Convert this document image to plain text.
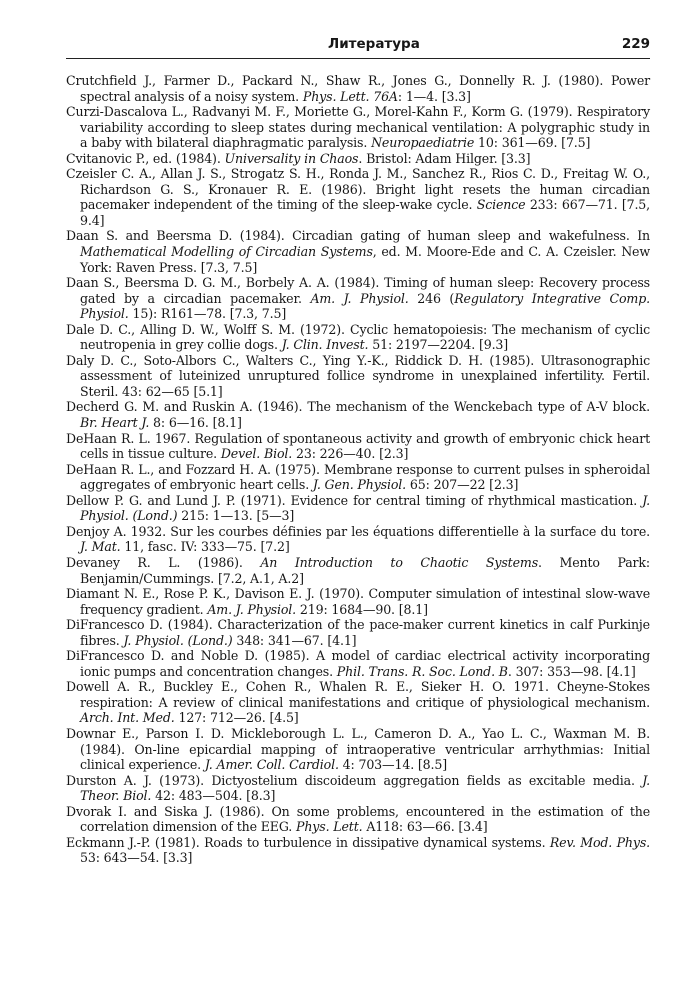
Литература	229

Crutchfield J., Farmer D., Packard N., Shaw R., Jones G., Donnelly R. J. (1980). Power spectral analysis of a noisy system. Phys. Lett. 76A: 1—4. [3.3]

Curzi-Dascalova L., Radvanyi M. F., Moriette G., Morel-Kahn F., Korm G. (1979). Respiratory variability according to sleep states during mechanical ventilation: A polygraphic study in a baby with bilateral diaphragmatic paralysis. Neuropaediatrie 10: 361—69. [7.5]

Cvitanovic P., ed. (1984). Universality in Chaos. Bristol: Adam Hilger. [3.3]

Czeisler C. A., Allan J. S., Strogatz S. H., Ronda J. M., Sanchez R., Rios C. D., Freitag W. O., Richardson G. S., Kronauer R. E. (1986). Bright light resets the human circadian pacemaker independent of the timing of the sleep-wake cycle. Science 233: 667—71. [7.5, 9.4]

Daan S. and Beersma D. (1984). Circadian gating of human sleep and wakefulness. In Mathematical Modelling of Circadian Systems, ed. M. Moore-Ede and C. A. Czeisler. New York: Raven Press. [7.3, 7.5]

Daan S., Beersma D. G. M., Borbely A. A. (1984). Timing of human sleep: Recovery process gated by a circadian pacemaker. Am. J. Physiol. 246 (Regulatory Integrative Comp. Physiol. 15): R161—78. [7.3, 7.5]

Dale D. C., Alling D. W., Wolff S. M. (1972). Cyclic hematopoiesis: The mechanism of cyclic neutropenia in grey collie dogs. J. Clin. Invest. 51: 2197—2204. [9.3]

Daly D. C., Soto-Albors C., Walters C., Ying Y.-K., Riddick D. H. (1985). Ultrasonographic assessment of luteinized unruptured follice syndrome in unexplained infertility. Fertil. Steril. 43: 62—65 [5.1]

Decherd G. M. and Ruskin A. (1946). The mechanism of the Wenckebach type of A-V block. Br. Heart J. 8: 6—16. [8.1]

DeHaan R. L. 1967. Regulation of spontaneous activity and growth of embryonic chick heart cells in tissue culture. Devel. Biol. 23: 226—40. [2.3]

DeHaan R. L., and Fozzard H. A. (1975). Membrane response to current pulses in spheroidal aggregates of embryonic heart cells. J. Gen. Physiol. 65: 207—22 [2.3]

Dellow P. G. and Lund J. P. (1971). Evidence for central timing of rhythmical mastication. J. Physiol. (Lond.) 215: 1—13. [5—3]

Denjoy A. 1932. Sur les courbes définies par les équations differentielle à la surface du tore. J. Mat. 11, fasc. IV: 333—75. [7.2]

Devaney R. L. (1986). An Introduction to Chaotic Systems. Mento Park: Benjamin/Cummings. [7.2, A.1, A.2]

Diamant N. E., Rose P. K., Davison E. J. (1970). Computer simulation of intestinal slow-wave frequency gradient. Am. J. Physiol. 219: 1684—90. [8.1]

DiFrancesco D. (1984). Characterization of the pace-maker current kinetics in calf Purkinje fibres. J. Physiol. (Lond.) 348: 341—67. [4.1]

DiFrancesco D. and Noble D. (1985). A model of cardiac electrical activity incorporating ionic pumps and concentration changes. Phil. Trans. R. Soc. Lond. B. 307: 353—98. [4.1]

Dowell A. R., Buckley E., Cohen R., Whalen R. E., Sieker H. O. 1971. Cheyne-Stokes respiration: A review of clinical manifestations and critique of physiological mechanism. Arch. Int. Med. 127: 712—26. [4.5]

Downar E., Parson I. D. Mickleborough L. L., Cameron D. A., Yao L. C., Waxman M. B. (1984). On-line epicardial mapping of intraoperative ventricular arrhythmias: Initial clinical experience. J. Amer. Coll. Cardiol. 4: 703—14. [8.5]

Durston A. J. (1973). Dictyostelium discoideum aggregation fields as excitable media. J. Theor. Biol. 42: 483—504. [8.3]

Dvorak I. and Siska J. (1986). On some problems, encountered in the estimation of the correlation dimension of the EEG. Phys. Lett. A118: 63—66. [3.4]

Eckmann J.-P. (1981). Roads to turbulence in dissipative dynamical systems. Rev. Mod. Phys. 53: 643—54. [3.3]
